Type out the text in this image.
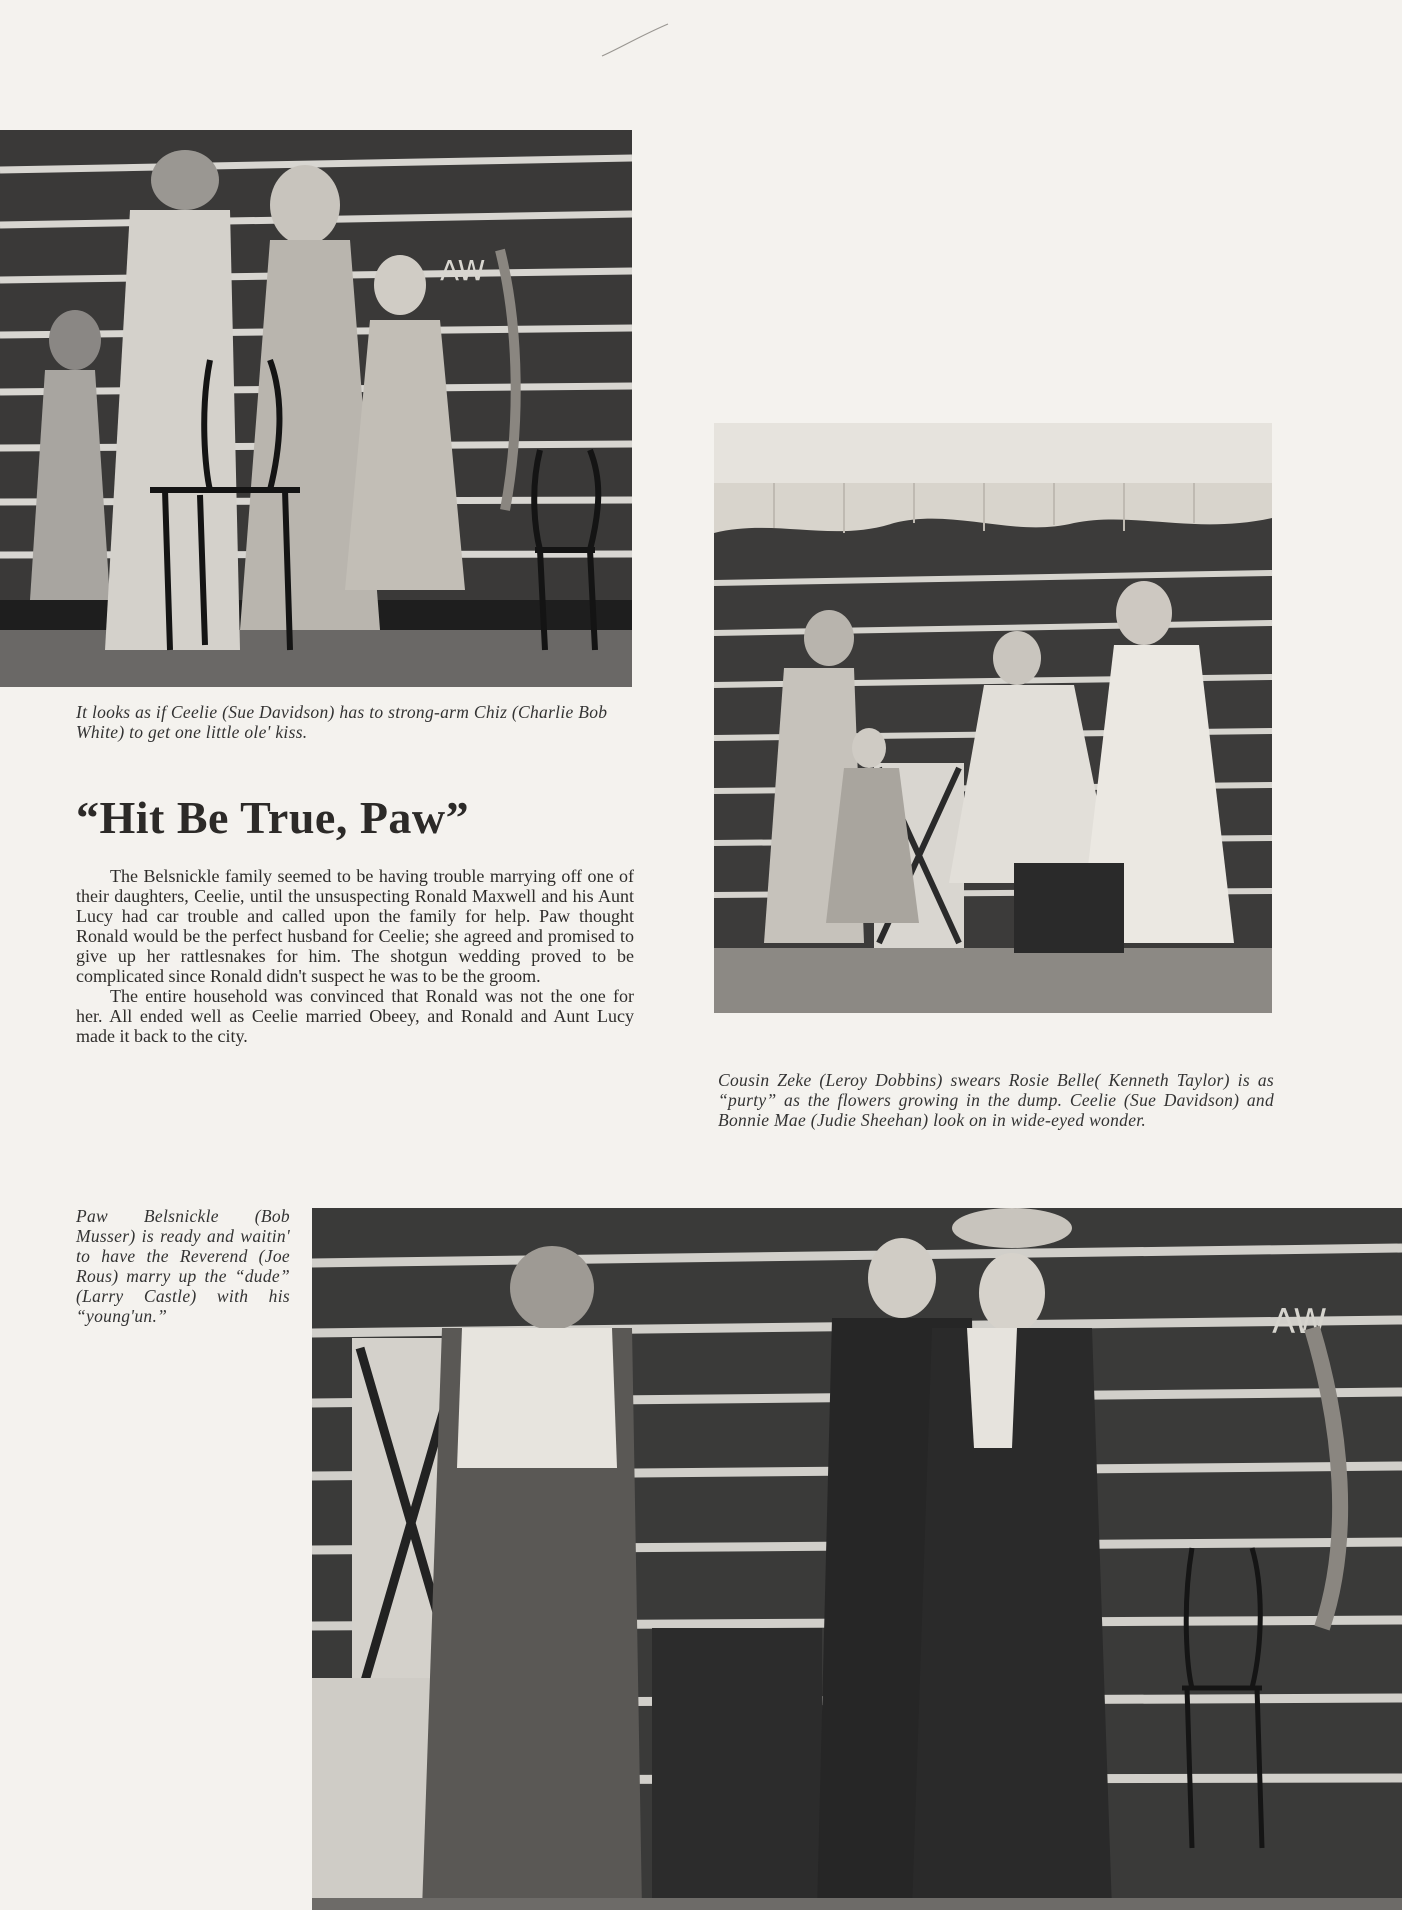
AW

It looks as if Ceelie (Sue Davidson) has to strong-arm Chiz (Charlie Bob White) to get one little ole' kiss.

“Hit Be True, Paw”

The Belsnickle family seemed to be having trouble marrying off one of their daughters, Ceelie, until the unsuspecting Ronald Maxwell and his Aunt Lucy had car trouble and called upon the family for help. Paw thought Ronald would be the perfect husband for Ceelie; she agreed and promised to give up her rattlesnakes for him. The shotgun wedding proved to be complicated since Ronald didn't suspect he was to be the groom.

The entire household was convinced that Ronald was not the one for her. All ended well as Ceelie married Obeey, and Ronald and Aunt Lucy made it back to the city.

Cousin Zeke (Leroy Dobbins) swears Rosie Belle( Kenneth Taylor) is as “purty” as the flowers growing in the dump. Ceelie (Sue Davidson) and Bonnie Mae (Judie Sheehan) look on in wide-eyed wonder.

Paw Belsnickle (Bob Musser) is ready and waitin' to have the Reverend (Joe Rous) marry up the “dude” (Larry Castle) with his “young'un.”	AW
